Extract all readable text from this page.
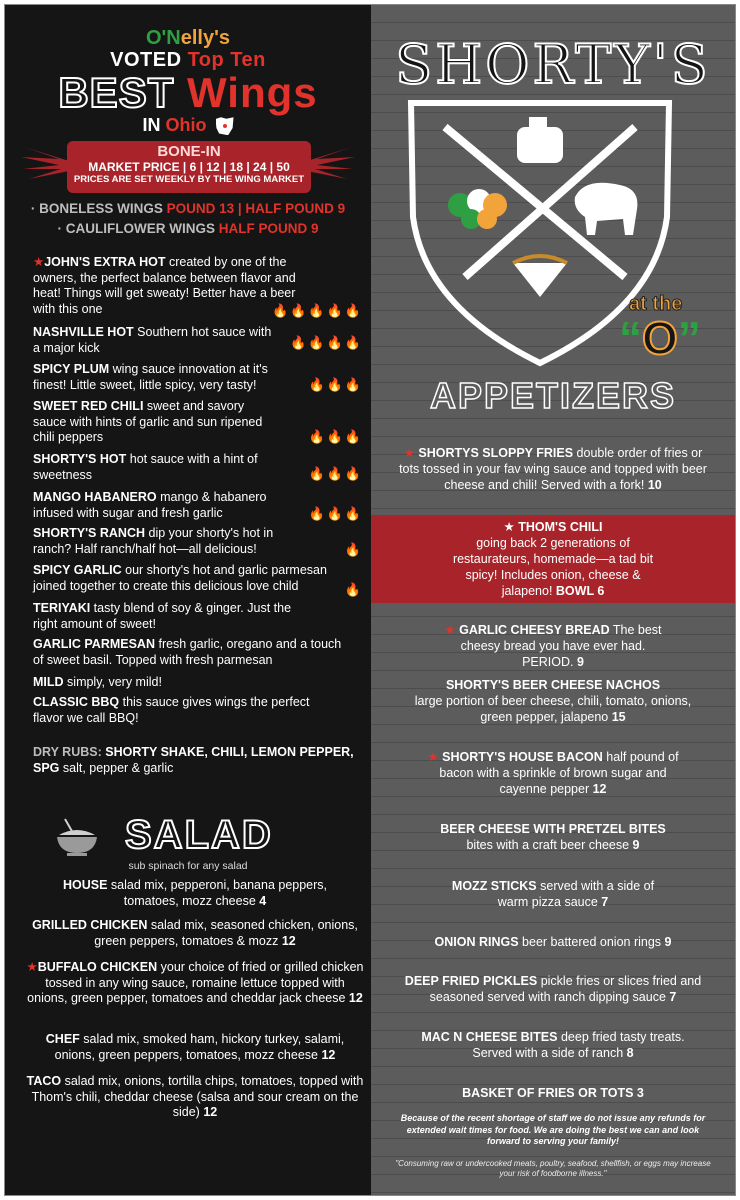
O'Nelly's
VOTED Top Ten
BEST Wings
IN Ohio
BONE-IN
MARKET PRICE | 6 | 12 | 18 | 24 | 50
PRICES ARE SET WEEKLY BY THE WING MARKET
· BONELESS WINGS POUND 13 | HALF POUND 9
· CAULIFLOWER WINGS HALF POUND 9
★JOHN'S EXTRA HOT created by one of the owners, the perfect balance between flavor and heat! Things will get sweaty! Better have a beer with this one	🔥🔥🔥🔥🔥
NASHVILLE HOT Southern hot sauce with a major kick	🔥🔥🔥🔥
SPICY PLUM wing sauce innovation at it's finest! Little sweet, little spicy, very tasty!	🔥🔥🔥
SWEET RED CHILI sweet and savory sauce with hints of garlic and sun ripened chili peppers	🔥🔥🔥
SHORTY'S HOT hot sauce with a hint of sweetness	🔥🔥🔥
MANGO HABANERO mango & habanero infused with sugar and fresh garlic	🔥🔥🔥
SHORTY'S RANCH dip your shorty's hot in ranch? Half ranch/half hot—all delicious!	🔥
SPICY GARLIC our shorty's hot and garlic parmesan joined together to create this delicious love child	🔥
TERIYAKI tasty blend of soy & ginger. Just the right amount of sweet!
GARLIC PARMESAN fresh garlic, oregano and a touch of sweet basil. Topped with fresh parmesan
MILD simply, very mild!
CLASSIC BBQ this sauce gives wings the perfect flavor we call BBQ!
DRY RUBS: SHORTY SHAKE, CHILI, LEMON PEPPER,
SPG salt, pepper & garlic
SALAD
sub spinach for any salad
HOUSE salad mix, pepperoni, banana peppers, tomatoes, mozz cheese 4
GRILLED CHICKEN salad mix, seasoned chicken, onions, green peppers, tomatoes & mozz 12
★BUFFALO CHICKEN your choice of fried or grilled chicken tossed in any wing sauce, romaine lettuce topped with onions, green pepper, tomatoes and cheddar jack cheese 12
CHEF salad mix, smoked ham, hickory turkey, salami, onions, green peppers, tomatoes, mozz cheese 12
TACO salad mix, onions, tortilla chips, tomatoes, topped with Thom's chili, cheddar cheese (salsa and sour cream on the side) 12
SHORTY'S
at the
“O”
APPETIZERS
★ SHORTYS SLOPPY FRIES double order of fries or tots tossed in your fav wing sauce and topped with beer cheese and chili! Served with a fork! 10
★ THOM'S CHILI
going back 2 generations of restaurateurs, homemade—a tad bit spicy! Includes onion, cheese & jalapeno! BOWL 6
★ GARLIC CHEESY BREAD The best cheesy bread you have ever had. PERIOD. 9
SHORTY'S BEER CHEESE NACHOS
large portion of beer cheese, chili, tomato, onions, green pepper, jalapeno 15
★ SHORTY'S HOUSE BACON half pound of bacon with a sprinkle of brown sugar and cayenne pepper 12
BEER CHEESE WITH PRETZEL BITES
bites with a craft beer cheese 9
MOZZ STICKS served with a side of warm pizza sauce 7
ONION RINGS beer battered onion rings 9
DEEP FRIED PICKLES pickle fries or slices fried and seasoned served with ranch dipping sauce 7
MAC N CHEESE BITES deep fried tasty treats. Served with a side of ranch 8
BASKET OF FRIES OR TOTS 3
Because of the recent shortage of staff we do not issue any refunds for extended wait times for food. We are doing the best we can and look forward to serving your family!
"Consuming raw or undercooked meats, poultry, seafood, shellfish, or eggs may increase your risk of foodborne illness."
